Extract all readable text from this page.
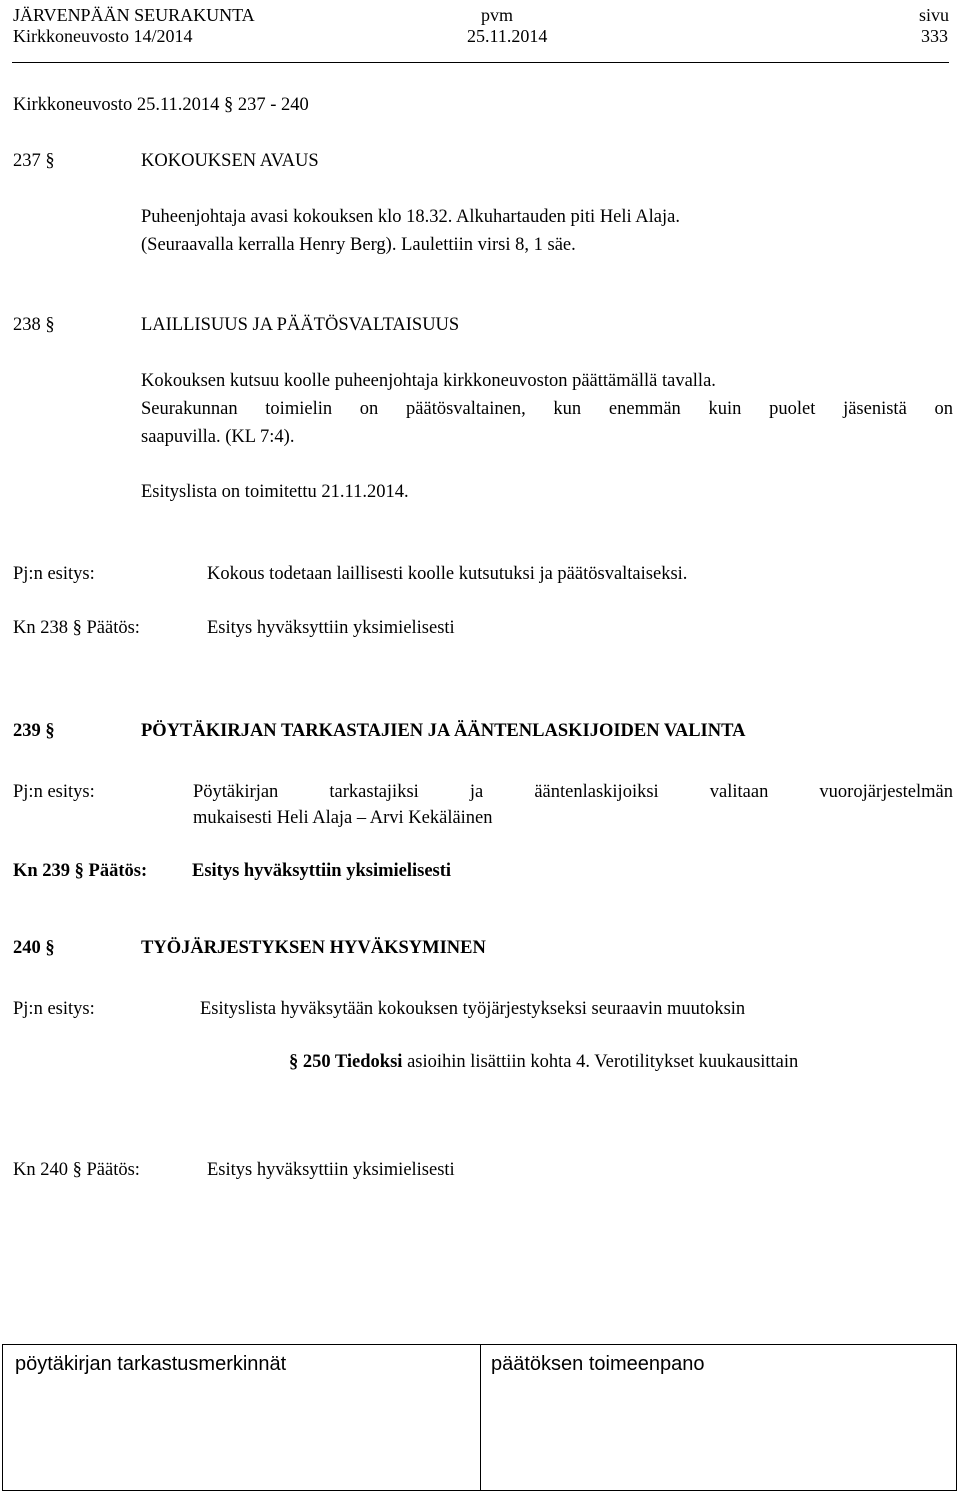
JÄRVENPÄÄN SEURAKUNTA	pvm	sivu
Kirkkoneuvosto 14/2014	25.11.2014	333
Kirkkoneuvosto 25.11.2014 § 237 - 240
237 §	KOKOUKSEN AVAUS
Puheenjohtaja avasi kokouksen klo 18.32. Alkuhartauden piti Heli Alaja.
(Seuraavalla kerralla Henry Berg). Laulettiin virsi 8, 1 säe.
238 §	LAILLISUUS JA PÄÄTÖSVALTAISUUS
Kokouksen kutsuu koolle puheenjohtaja kirkkoneuvoston päättämällä tavalla.
Seurakunnan toimielin on päätösvaltainen, kun enemmän kuin puolet jäsenistä on
saapuvilla. (KL 7:4).
Esityslista on toimitettu 21.11.2014.
Pj:n esitys:	Kokous todetaan laillisesti koolle kutsutuksi ja päätösvaltaiseksi.
Kn 238 § Päätös:	Esitys hyväksyttiin yksimielisesti
239 §	PÖYTÄKIRJAN TARKASTAJIEN JA ÄÄNTENLASKIJOIDEN VALINTA
Pj:n esitys:	Pöytäkirjan tarkastajiksi ja ääntenlaskijoiksi valitaan vuorojärjestelmän
mukaisesti Heli Alaja – Arvi Kekäläinen
Kn 239 § Päätös: Esitys hyväksyttiin yksimielisesti
240 §	TYÖJÄRJESTYKSEN HYVÄKSYMINEN
Pj:n esitys:	Esityslista hyväksytään kokouksen työjärjestykseksi seuraavin muutoksin
§ 250 Tiedoksi asioihin lisättiin kohta 4. Verotilitykset kuukausittain
Kn 240 § Päätös:	Esitys hyväksyttiin yksimielisesti
pöytäkirjan tarkastusmerkinnät	päätöksen toimeenpano
